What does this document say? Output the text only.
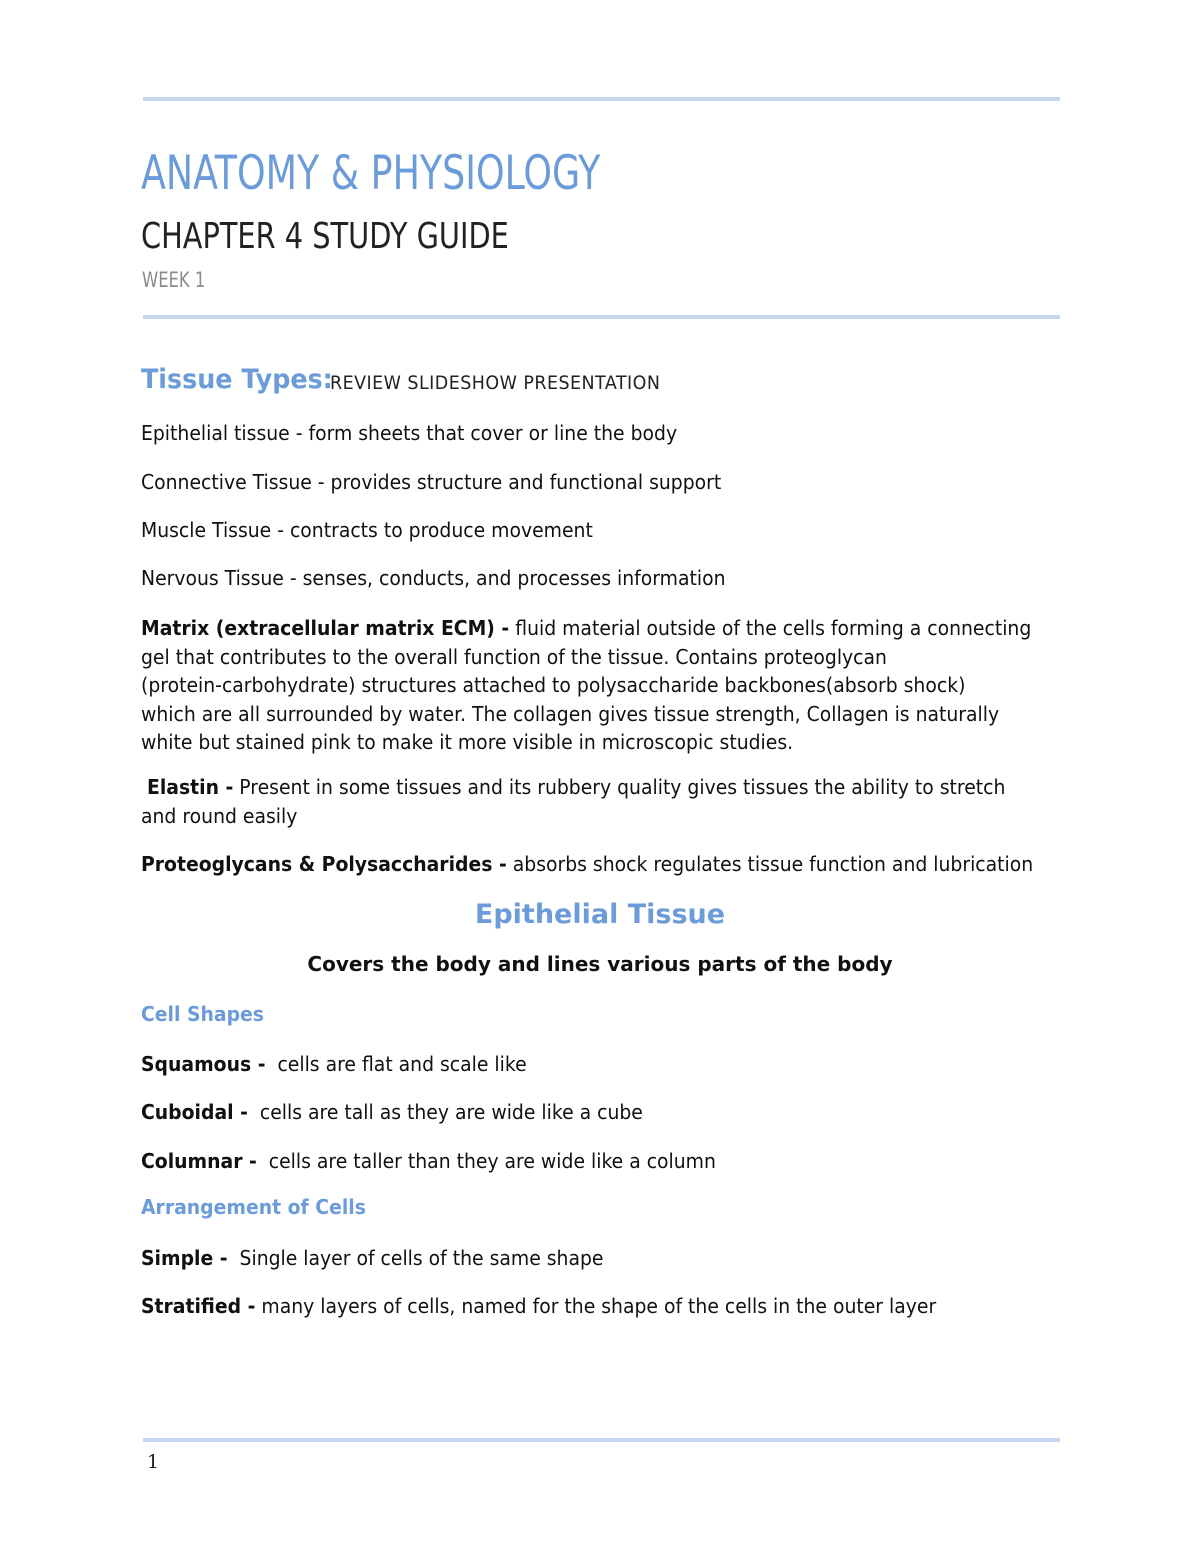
ANATOMY & PHYSIOLOGY
CHAPTER 4 STUDY GUIDE
WEEK 1
Tissue Types:
REVIEW SLIDESHOW PRESENTATION
Epithelial tissue - form sheets that cover or line the body
Connective Tissue - provides structure and functional support
Muscle Tissue - contracts to produce movement
Nervous Tissue - senses, conducts, and processes information
Matrix (extracellular matrix ECM) - fluid material outside of the cells forming a connecting
gel that contributes to the overall function of the tissue. Contains proteoglycan
(protein-carbohydrate) structures attached to polysaccharide backbones(absorb shock)
which are all surrounded by water. The collagen gives tissue strength, Collagen is naturally
white but stained pink to make it more visible in microscopic studies.
Elastin - Present in some tissues and its rubbery quality gives tissues the ability to stretch
and round easily
Proteoglycans & Polysaccharides - absorbs shock regulates tissue function and lubrication
Epithelial Tissue
Covers the body and lines various parts of the body
Cell Shapes
Squamous -  cells are flat and scale like
Cuboidal -  cells are tall as they are wide like a cube
Columnar -  cells are taller than they are wide like a column
Arrangement of Cells
Simple -  Single layer of cells of the same shape
Stratified - many layers of cells, named for the shape of the cells in the outer layer
1
